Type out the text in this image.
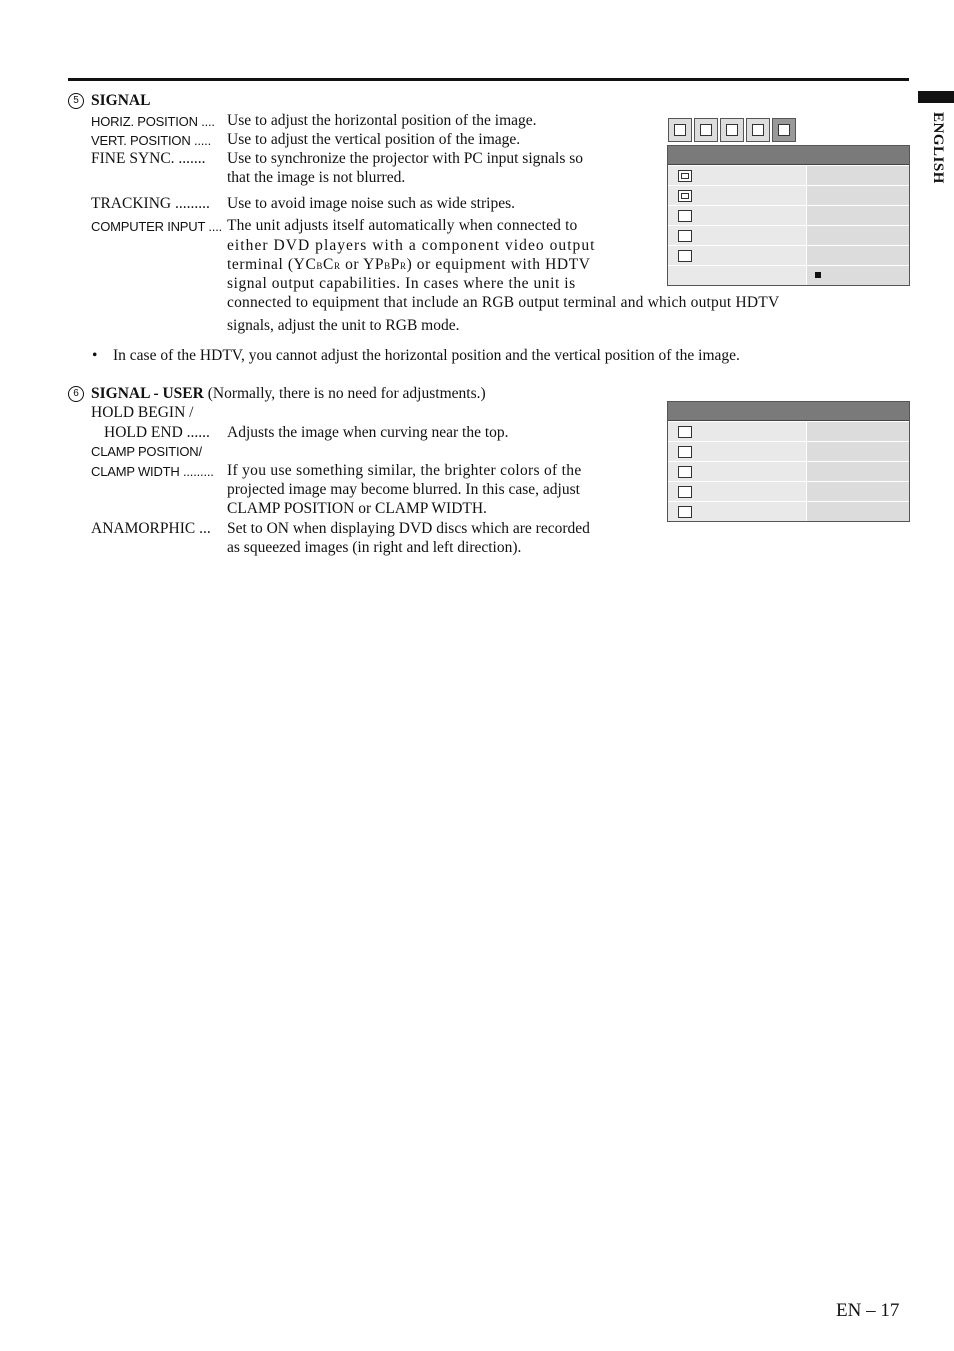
ENGLISH
5 SIGNAL
HORIZ. POSITION .... Use to adjust the horizontal position of the image.
VERT. POSITION ..... Use to adjust the vertical position of the image.
FINE SYNC. ....... Use to synchronize the projector with PC input signals so
that the image is not blurred.
TRACKING ......... Use to avoid image noise such as wide stripes.
COMPUTER INPUT .... The unit adjusts itself automatically when connected to
either DVD players with a component video output
terminal (YCBCR or YPBPR) or equipment with HDTV
signal output capabilities. In cases where the unit is
connected to equipment that include an RGB output terminal and which output HDTV
signals, adjust the unit to RGB mode.
• In case of the HDTV, you cannot adjust the horizontal position and the vertical position of the image.
6 SIGNAL - USER (Normally, there is no need for adjustments.)
HOLD BEGIN /
HOLD END ...... Adjusts the image when curving near the top.
CLAMP POSITION/
CLAMP WIDTH ......... If you use something similar, the brighter colors of the
projected image may become blurred. In this case, adjust
CLAMP POSITION or CLAMP WIDTH.
ANAMORPHIC ... Set to ON when displaying DVD discs which are recorded
as squeezed images (in right and left direction).
EN – 17
